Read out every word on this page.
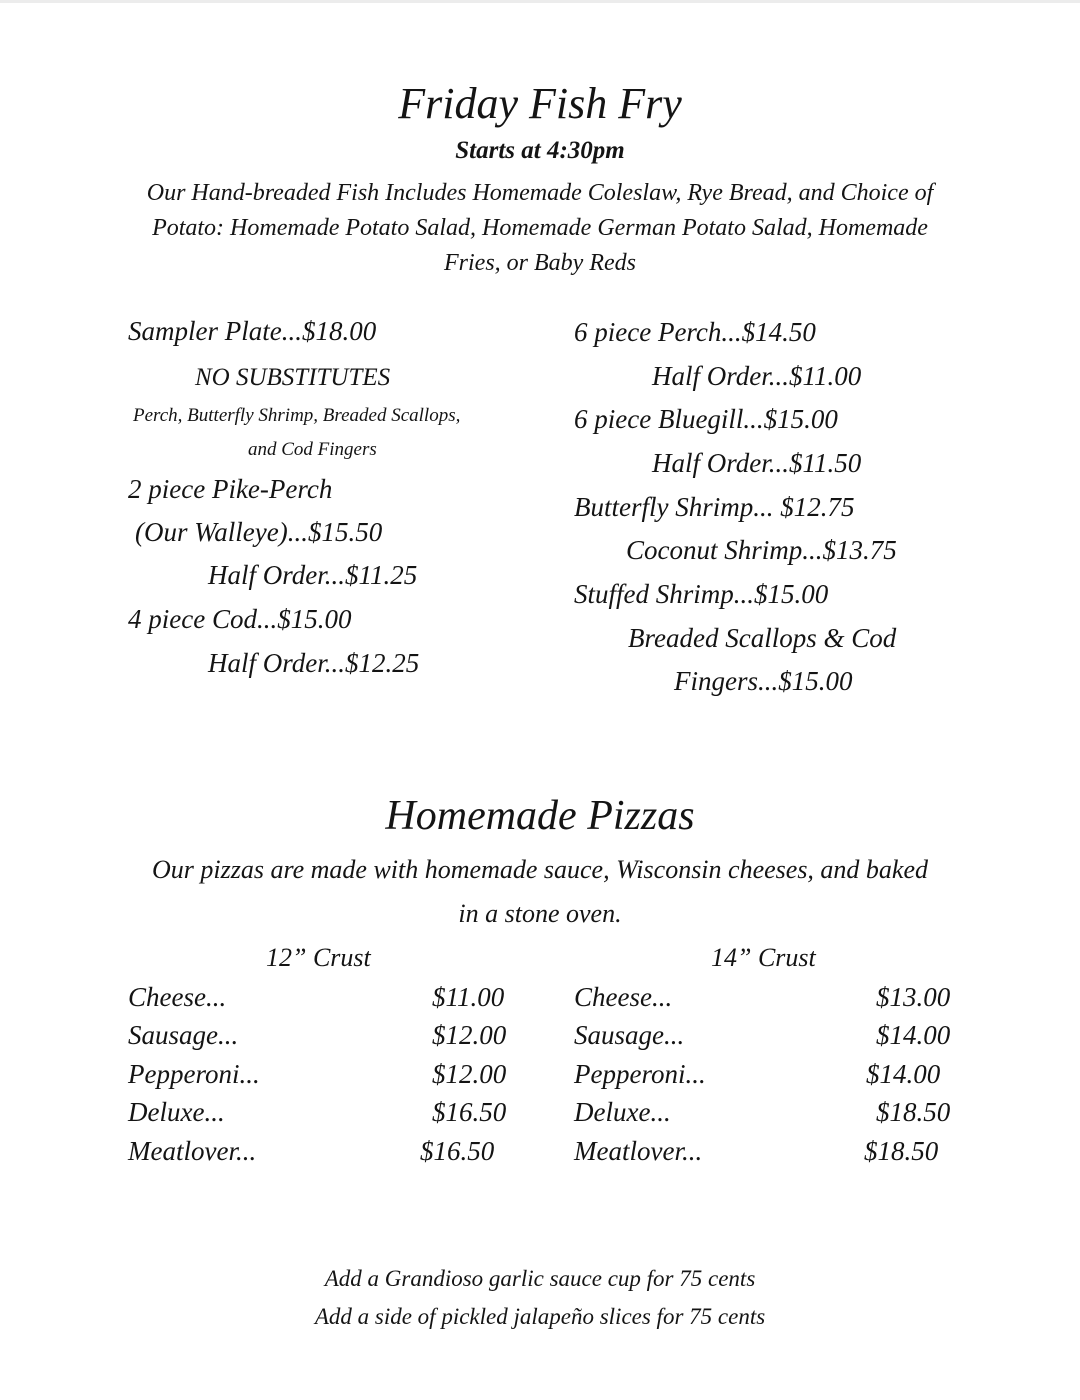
Friday Fish Fry
Starts at 4:30pm
Our Hand-breaded Fish Includes Homemade Coleslaw, Rye Bread, and Choice of Potato: Homemade Potato Salad, Homemade German Potato Salad, Homemade Fries, or Baby Reds
Sampler Plate...$18.00
NO SUBSTITUTES
Perch, Butterfly Shrimp, Breaded Scallops,
and Cod Fingers
2 piece Pike-Perch
(Our Walleye)...$15.50
Half Order...$11.25
4 piece Cod...$15.00
Half Order...$12.25
6 piece Perch...$14.50
Half Order...$11.00
6 piece Bluegill...$15.00
Half Order...$11.50
Butterfly Shrimp... $12.75
Coconut Shrimp...$13.75
Stuffed Shrimp...$15.00
Breaded Scallops & Cod
Fingers...$15.00
Homemade Pizzas
Our pizzas are made with homemade sauce, Wisconsin cheeses, and baked
in a stone oven.
12” Crust	14” Crust
Cheese...	$11.00
Sausage...	$12.00
Pepperoni...	$12.00
Deluxe...	$16.50
Meatlover...	$16.50
Cheese...	$13.00
Sausage...	$14.00
Pepperoni...	$14.00
Deluxe...	$18.50
Meatlover...	$18.50
Add a Grandioso garlic sauce cup for 75 cents
Add a side of pickled jalapeño slices for 75 cents
